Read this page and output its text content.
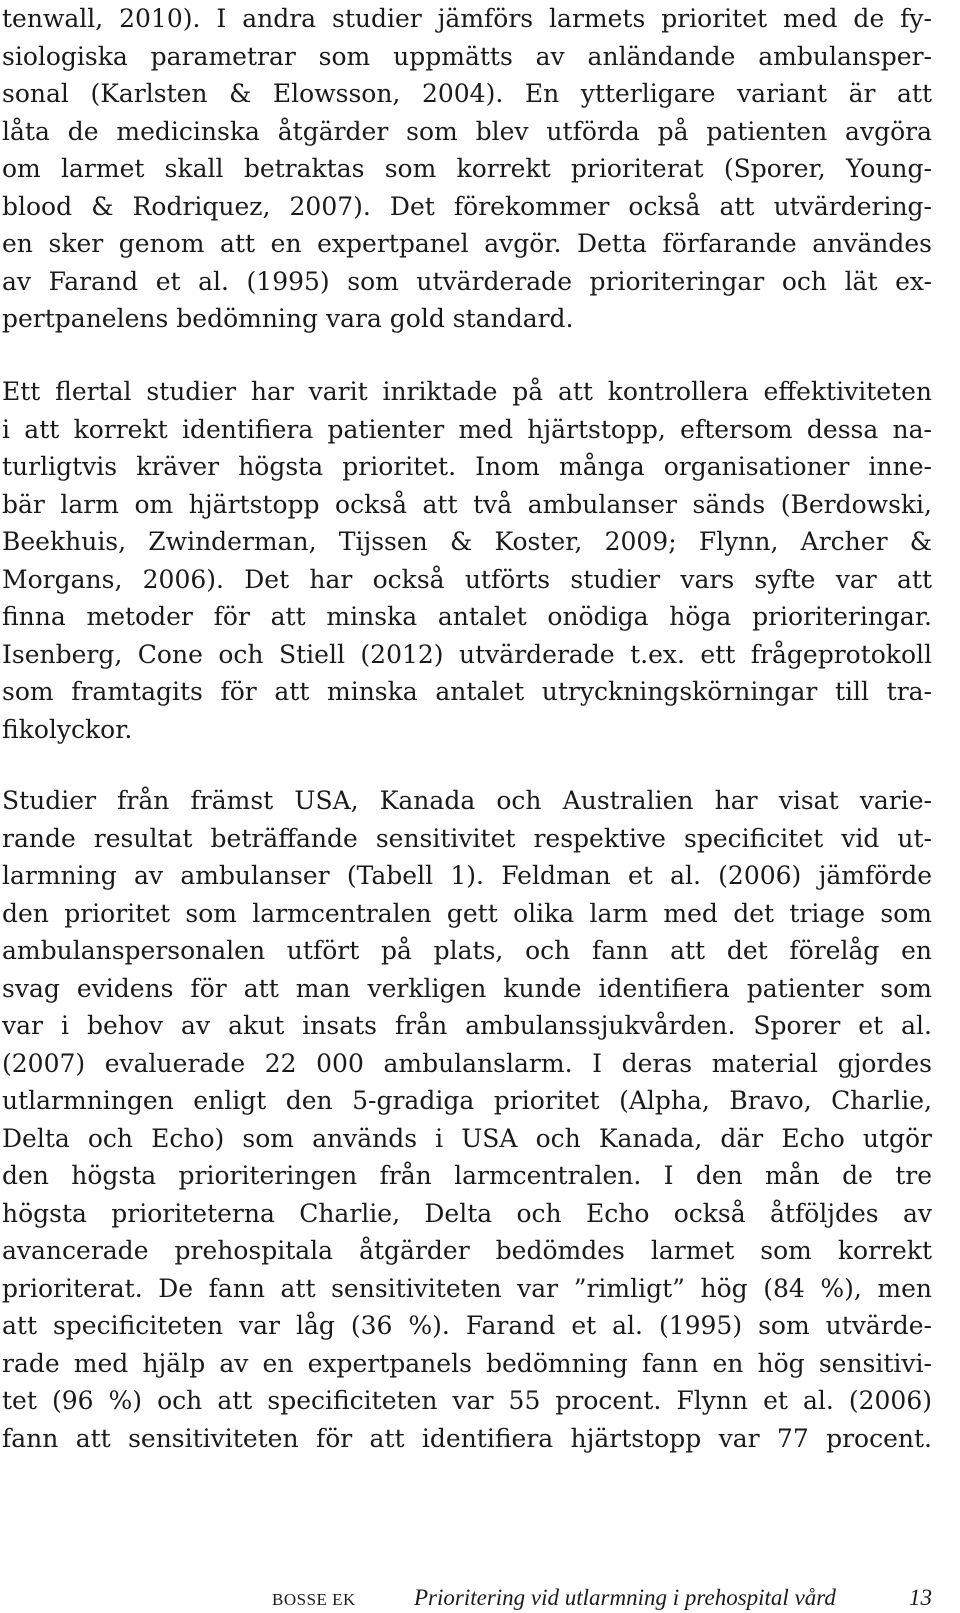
tenwall, 2010). I andra studier jämförs larmets prioritet med de fy-
siologiska parametrar som uppmätts av anländande ambulansper-
sonal (Karlsten & Elowsson, 2004). En ytterligare variant är att
låta de medicinska åtgärder som blev utförda på patienten avgöra
om larmet skall betraktas som korrekt prioriterat (Sporer, Young-
blood & Rodriquez, 2007). Det förekommer också att utvärdering-
en sker genom att en expertpanel avgör. Detta förfarande användes
av Farand et al. (1995) som utvärderade prioriteringar och lät ex-
pertpanelens bedömning vara gold standard.
Ett flertal studier har varit inriktade på att kontrollera effektiviteten
i att korrekt identifiera patienter med hjärtstopp, eftersom dessa na-
turligtvis kräver högsta prioritet. Inom många organisationer inne-
bär larm om hjärtstopp också att två ambulanser sänds (Berdowski,
Beekhuis, Zwinderman, Tijssen & Koster, 2009; Flynn, Archer &
Morgans, 2006). Det har också utförts studier vars syfte var att
finna metoder för att minska antalet onödiga höga prioriteringar.
Isenberg, Cone och Stiell (2012) utvärderade t.ex. ett frågeprotokoll
som framtagits för att minska antalet utryckningskörningar till tra-
fikolyckor.
Studier från främst USA, Kanada och Australien har visat varie-
rande resultat beträffande sensitivitet respektive specificitet vid ut-
larmning av ambulanser (Tabell 1). Feldman et al. (2006) jämförde
den prioritet som larmcentralen gett olika larm med det triage som
ambulanspersonalen utfört på plats, och fann att det förelåg en
svag evidens för att man verkligen kunde identifiera patienter som
var i behov av akut insats från ambulanssjukvården. Sporer et al.
(2007) evaluerade 22 000 ambulanslarm. I deras material gjordes
utlarmningen enligt den 5-gradiga prioritet (Alpha, Bravo, Charlie,
Delta och Echo) som används i USA och Kanada, där Echo utgör
den högsta prioriteringen från larmcentralen. I den mån de tre
högsta prioriteterna Charlie, Delta och Echo också åtföljdes av
avancerade prehospitala åtgärder bedömdes larmet som korrekt
prioriterat. De fann att sensitiviteten var ”rimligt” hög (84 %), men
att specificiteten var låg (36 %). Farand et al. (1995) som utvärde-
rade med hjälp av en expertpanels bedömning fann en hög sensitivi-
tet (96 %) och att specificiteten var 55 procent. Flynn et al. (2006)
fann att sensitiviteten för att identifiera hjärtstopp var 77 procent.
BOSSE EK	Prioritering vid utlarmning i prehospital vård	13
